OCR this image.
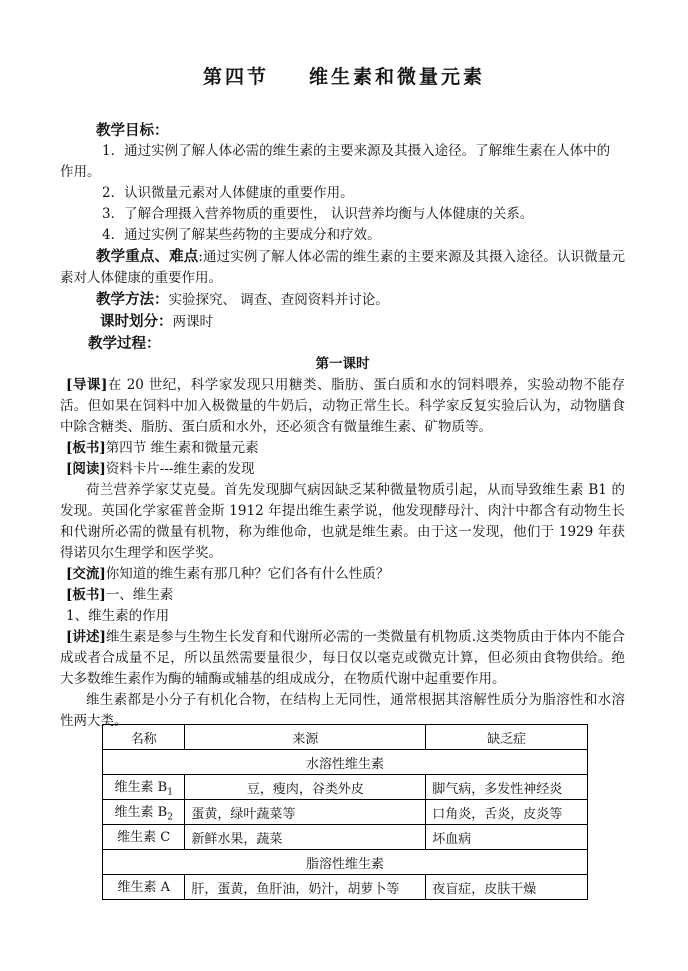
第四节 维生素和微量元素

教学目标：

1．通过实例了解人体必需的维生素的主要来源及其摄入途径。了解维生素在人体中的

作用。

2．认识微量元素对人体健康的重要作用。

3．了解合理摄入营养物质的重要性， 认识营养均衡与人体健康的关系。

4．通过实例了解某些药物的主要成分和疗效。

教学重点、难点:通过实例了解人体必需的维生素的主要来源及其摄入途径。认识微量元素对人体健康的重要作用。

教学方法：实验探究、 调查、查阅资料并讨论。

课时划分：两课时

教学过程：

第一课时

[导课]在 20 世纪，科学家发现只用糖类、脂肪、蛋白质和水的饲料喂养，实验动物不能存活。但如果在饲料中加入极微量的牛奶后，动物正常生长。科学家反复实验后认为，动物膳食中除含糖类、脂肪、蛋白质和水外，还必须含有微量维生素、矿物质等。

[板书]第四节 维生素和微量元素

[阅读]资料卡片---维生素的发现

荷兰营养学家艾克曼。首先发现脚气病因缺乏某种微量物质引起，从而导致维生素 B1 的发现。英国化学家霍普金斯 1912 年提出维生素学说，他发现酵母汁、肉汁中都含有动物生长和代谢所必需的微量有机物，称为维他命，也就是维生素。由于这一发现，他们于 1929 年获得诺贝尔生理学和医学奖。

[交流]你知道的维生素有那几种？它们各有什么性质？

[板书]一、维生素

1、维生素的作用

[讲述]维生素是参与生物生长发育和代谢所必需的一类微量有机物质.这类物质由于体内不能合成或者合成量不足，所以虽然需要量很少，每日仅以毫克或微克计算，但必须由食物供给。绝大多数维生素作为酶的辅酶或辅基的组成成分，在物质代谢中起重要作用。

维生素都是小分子有机化合物，在结构上无同性，通常根据其溶解性质分为脂溶性和水溶性两大类。

名称	来源	缺乏症
水溶性维生素		
维生素 $B_1$	豆，瘦肉，谷类外皮	脚气病，多发性神经炎
维生素 $B_2$	蛋黄，绿叶蔬菜等	口角炎，舌炎，皮炎等
维生素 C	新鲜水果，蔬菜	坏血病
脂溶性维生素		
维生素 A	肝，蛋黄，鱼肝油，奶汁，胡萝卜等	夜盲症，皮肤干燥
